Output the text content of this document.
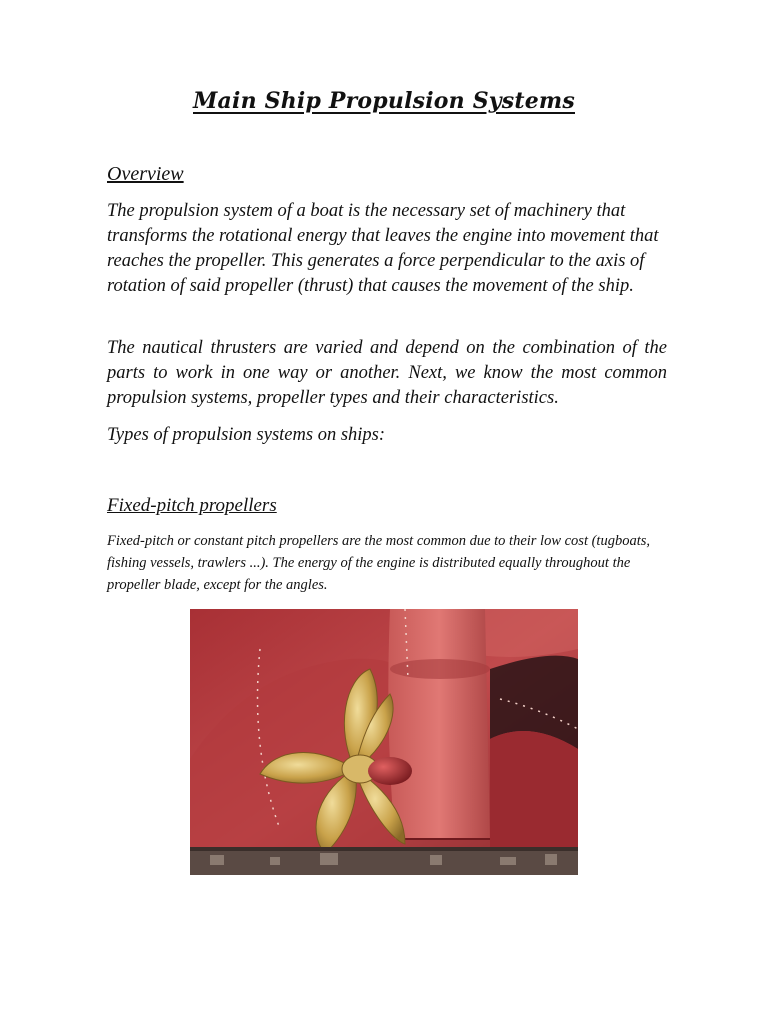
Main Ship Propulsion Systems
Overview

The propulsion system of a boat is the necessary set of machinery that transforms the rotational energy that leaves the engine into movement that reaches the propeller. This generates a force perpendicular to the axis of rotation of said propeller (thrust) that causes the movement of the ship.

The nautical thrusters are varied and depend on the combination of the parts to work in one way or another. Next, we know the most common propulsion systems, propeller types and their characteristics.

Types of propulsion systems on ships:

Fixed-pitch propellers

Fixed-pitch or constant pitch propellers are the most common due to their low cost (tugboats, fishing vessels, trawlers ...). The energy of the engine is distributed equally throughout the propeller blade, except for the angles.
